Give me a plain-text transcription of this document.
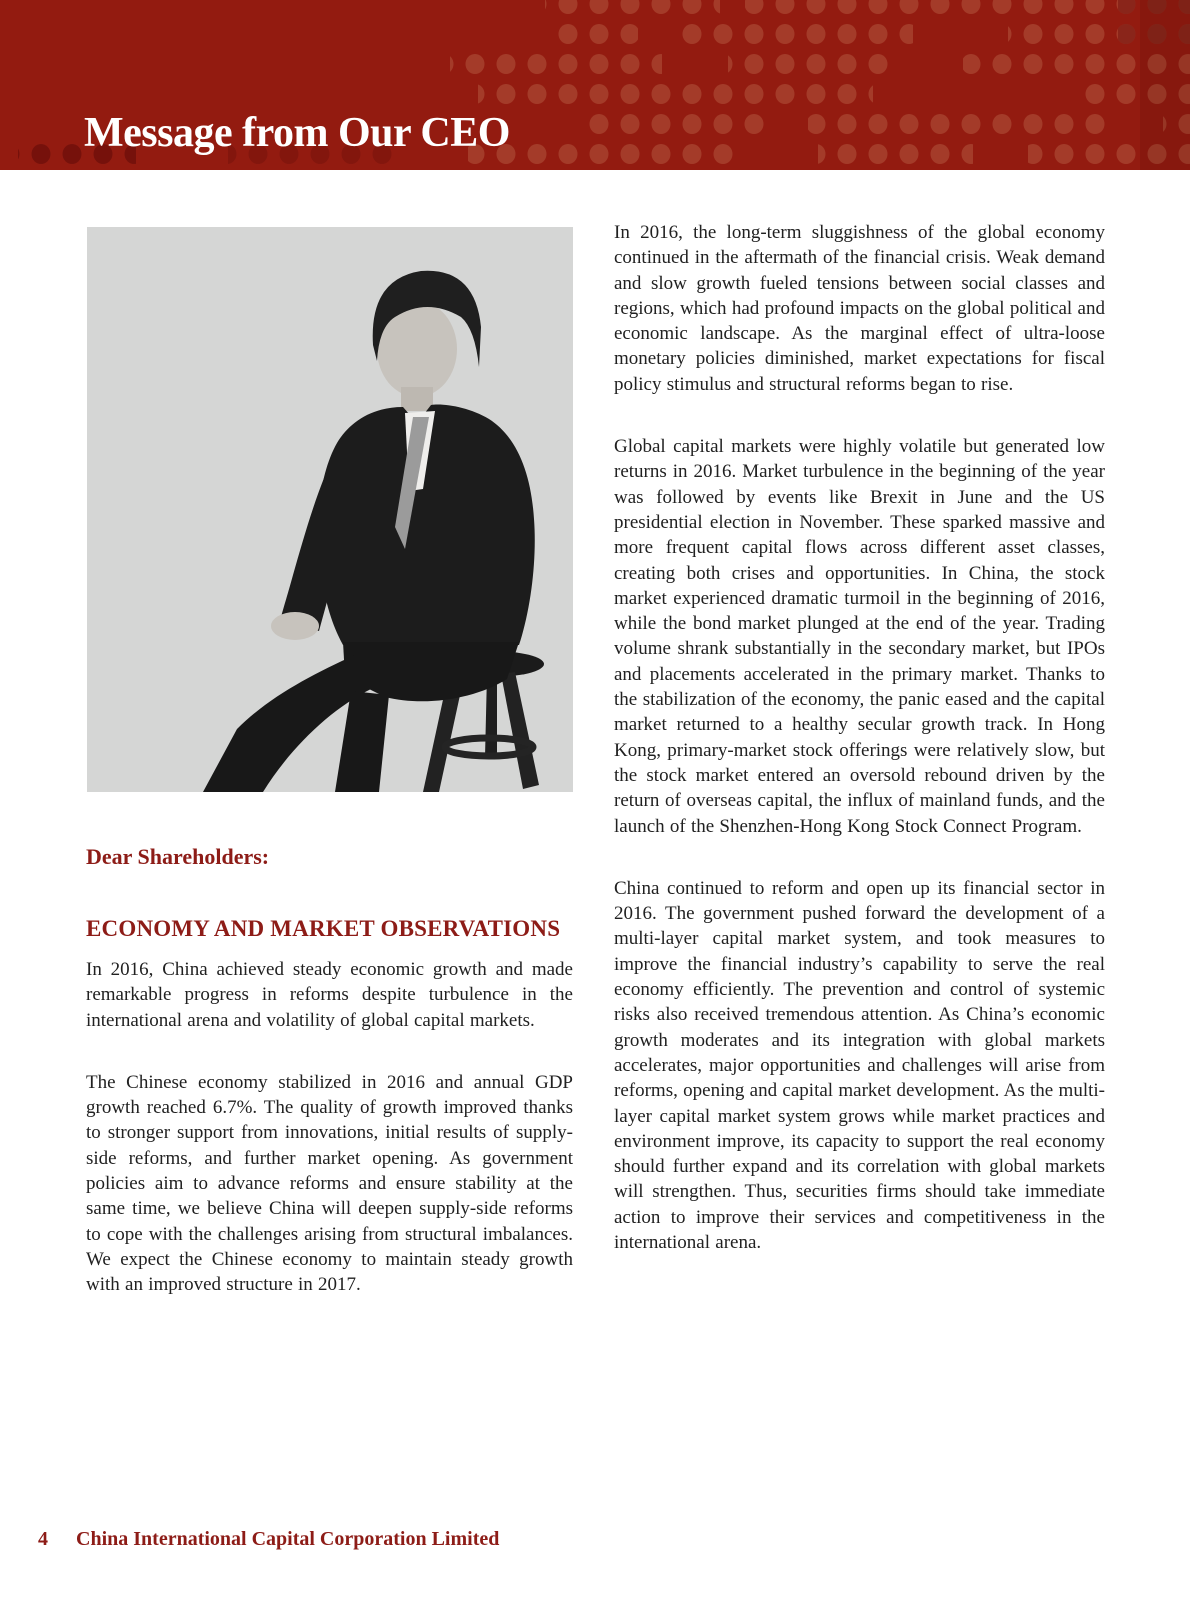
Message from Our CEO
Dear Shareholders:
ECONOMY AND MARKET OBSERVATIONS

In 2016, China achieved steady economic growth and made remarkable progress in reforms despite turbulence in the international arena and volatility of global capital markets.

The Chinese economy stabilized in 2016 and annual GDP growth reached 6.7%. The quality of growth improved thanks to stronger support from innovations, initial results of supply-side reforms, and further market opening. As government policies aim to advance reforms and ensure stability at the same time, we believe China will deepen supply-side reforms to cope with the challenges arising from structural imbalances. We expect the Chinese economy to maintain steady growth with an improved structure in 2017.

In 2016, the long-term sluggishness of the global economy continued in the aftermath of the financial crisis. Weak demand and slow growth fueled tensions between social classes and regions, which had profound impacts on the global political and economic landscape. As the marginal effect of ultra-loose monetary policies diminished, market expectations for fiscal policy stimulus and structural reforms began to rise.

Global capital markets were highly volatile but generated low returns in 2016. Market turbulence in the beginning of the year was followed by events like Brexit in June and the US presidential election in November. These sparked massive and more frequent capital flows across different asset classes, creating both crises and opportunities. In China, the stock market experienced dramatic turmoil in the beginning of 2016, while the bond market plunged at the end of the year. Trading volume shrank substantially in the secondary market, but IPOs and placements accelerated in the primary market. Thanks to the stabilization of the economy, the panic eased and the capital market returned to a healthy secular growth track. In Hong Kong, primary-market stock offerings were relatively slow, but the stock market entered an oversold rebound driven by the return of overseas capital, the influx of mainland funds, and the launch of the Shenzhen-Hong Kong Stock Connect Program.

China continued to reform and open up its financial sector in 2016. The government pushed forward the development of a multi-layer capital market system, and took measures to improve the financial industry’s capability to serve the real economy efficiently. The prevention and control of systemic risks also received tremendous attention. As China’s economic growth moderates and its integration with global markets accelerates, major opportunities and challenges will arise from reforms, opening and capital market development. As the multi-layer capital market system grows while market practices and environment improve, its capacity to support the real economy should further expand and its correlation with global markets will strengthen. Thus, securities firms should take immediate action to improve their services and competitiveness in the international arena.

4 China International Capital Corporation Limited
